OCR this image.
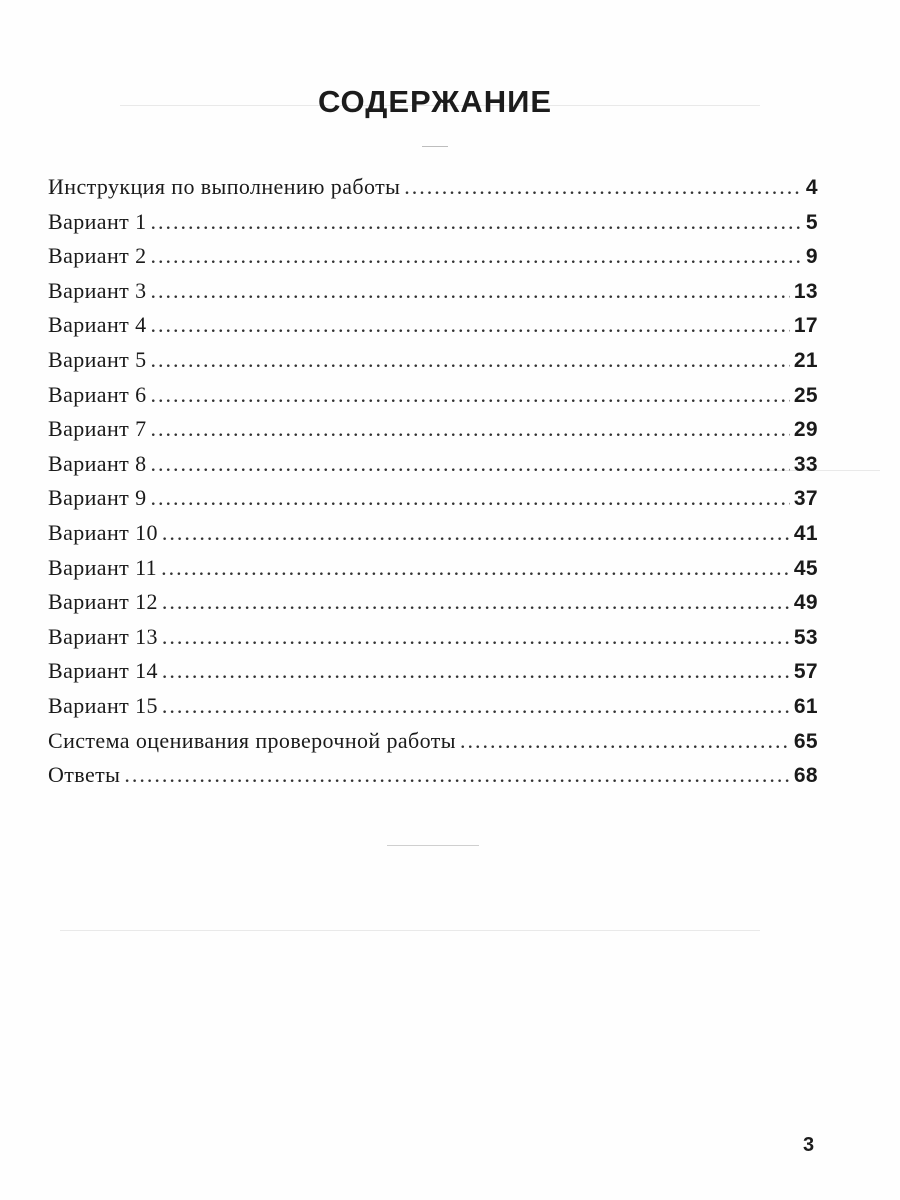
СОДЕРЖАНИЕ
Инструкция по выполнению работы .....	4
Вариант 1 .....	5
Вариант 2 .....	9
Вариант 3 .....	13
Вариант 4 .....	17
Вариант 5 .....	21
Вариант 6 .....	25
Вариант 7 .....	29
Вариант 8 .....	33
Вариант 9 .....	37
Вариант 10 .....	41
Вариант 11 .....	45
Вариант 12 .....	49
Вариант 13 .....	53
Вариант 14 .....	57
Вариант 15 .....	61
Система оценивания проверочной работы .....	65
Ответы .....	68
3
